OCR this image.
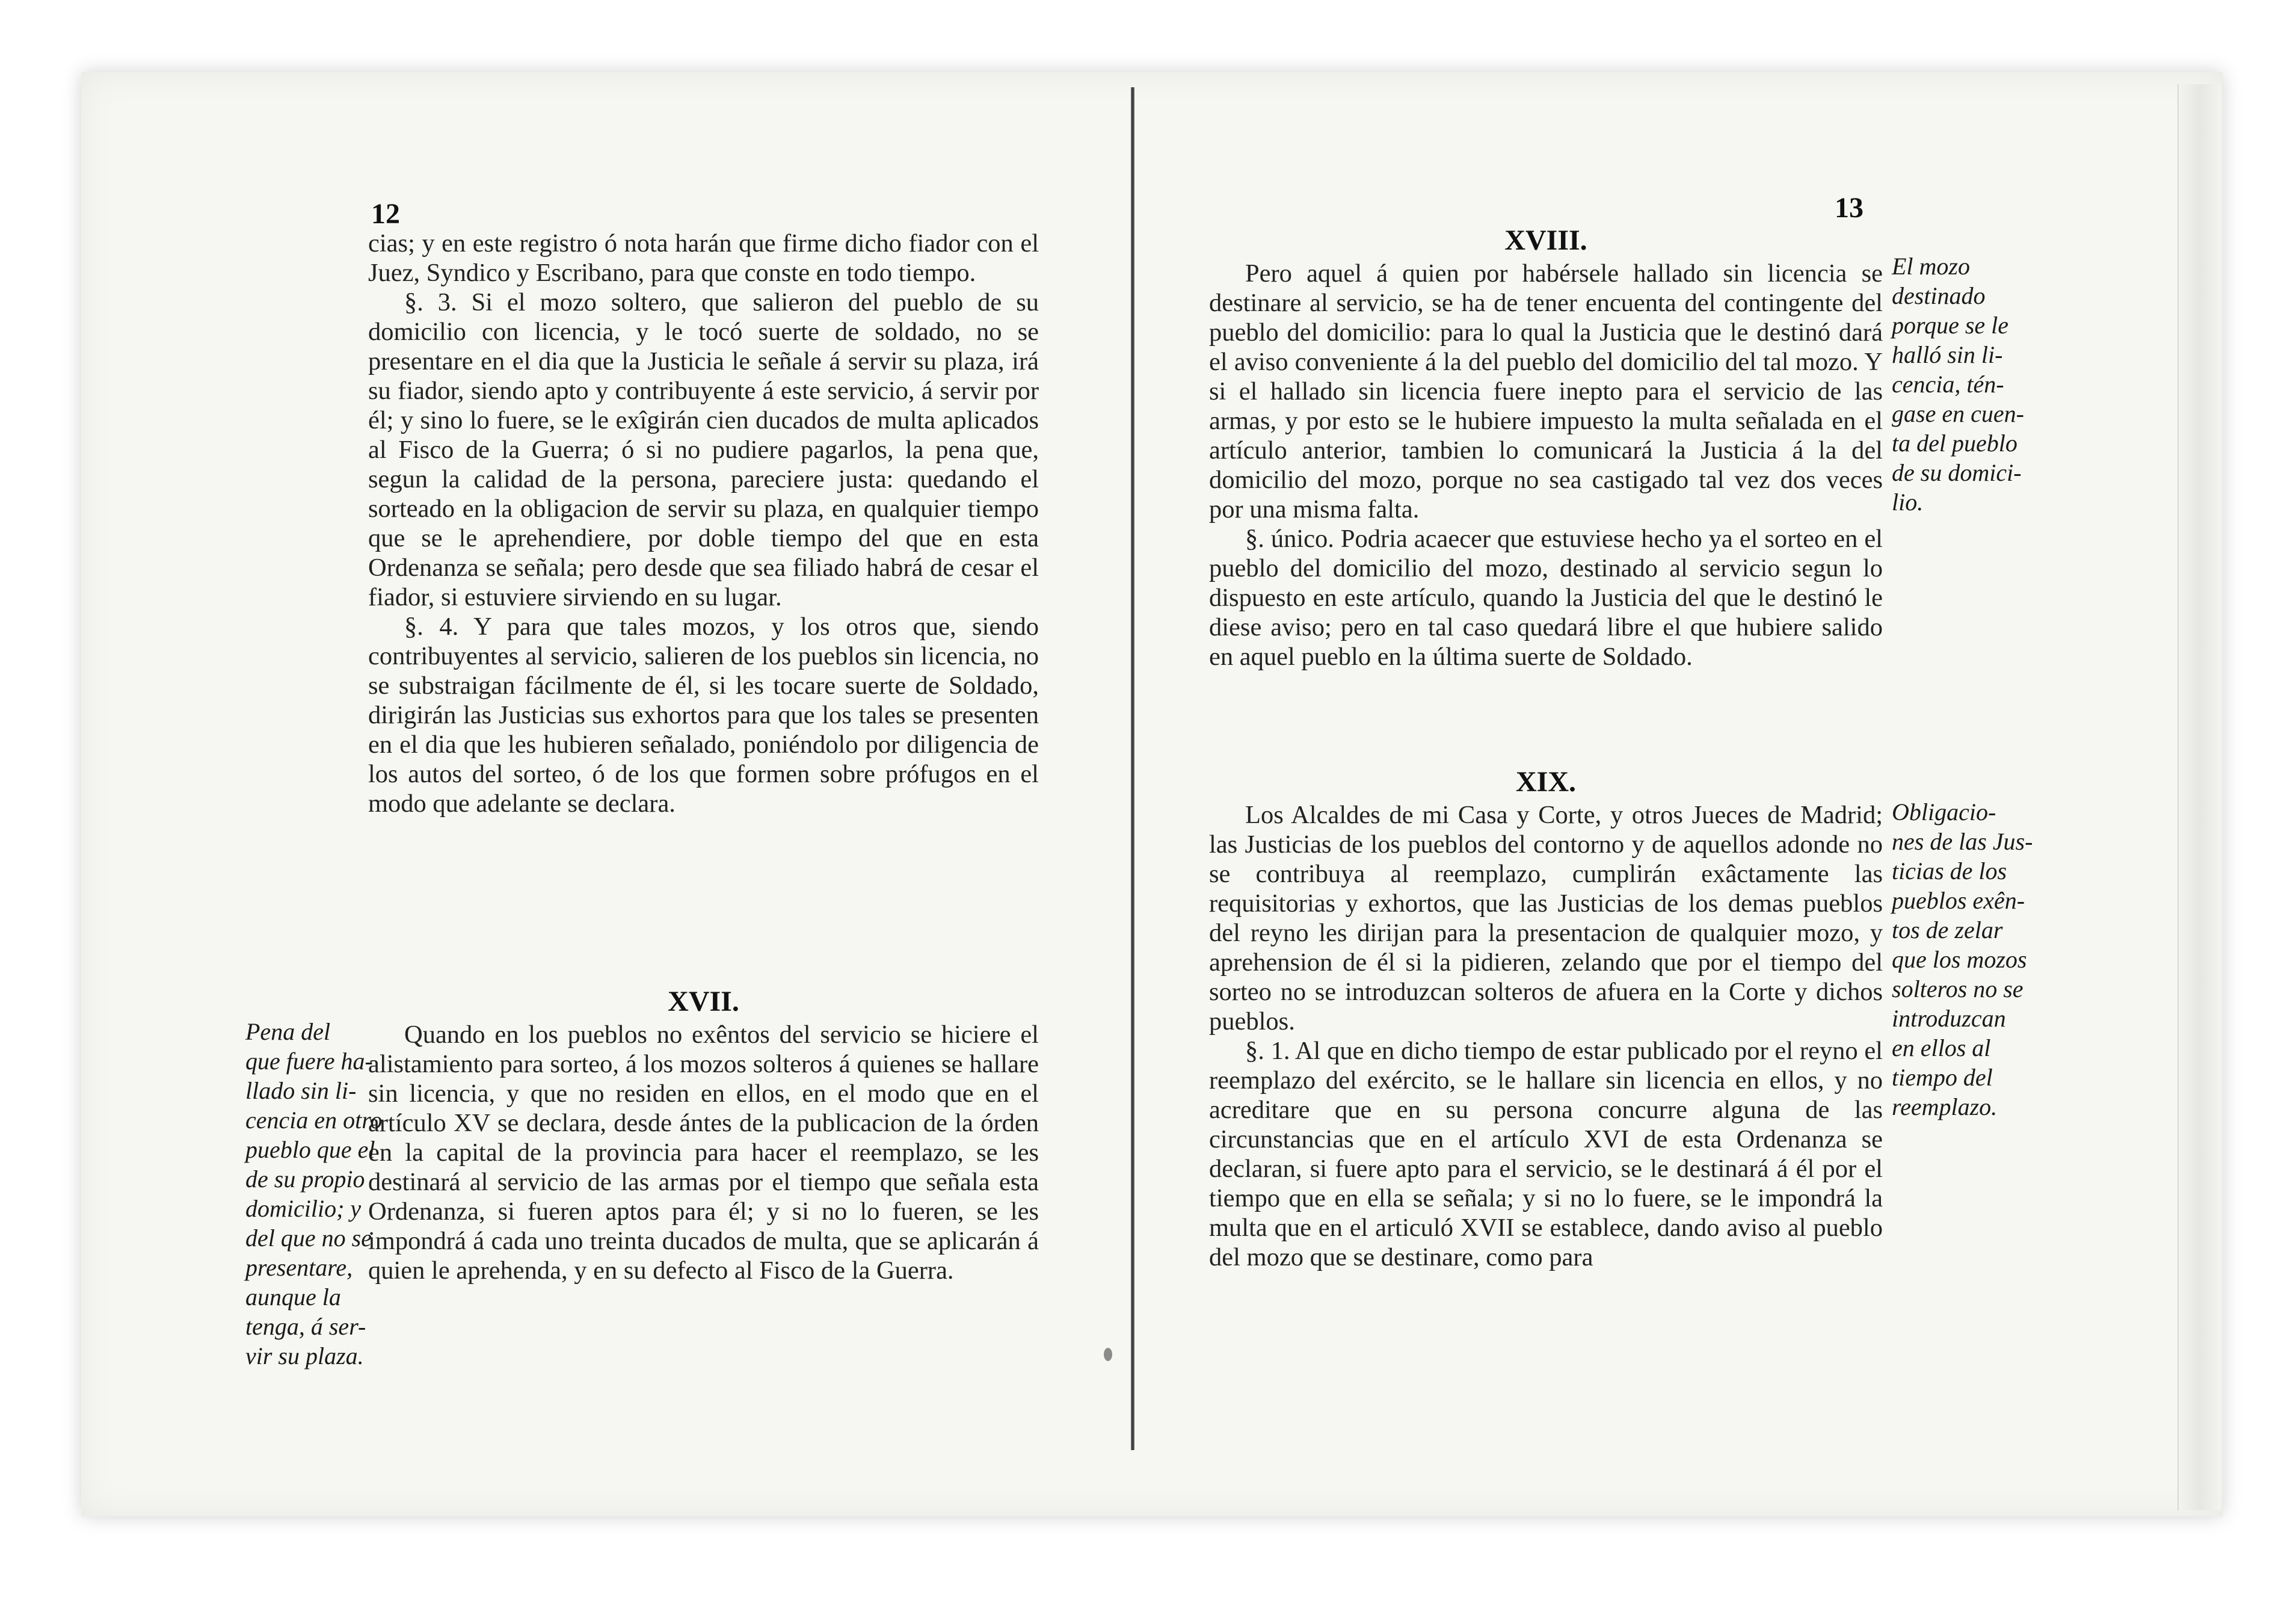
12

cias; y en este registro ó nota harán que firme dicho fiador con el Juez, Syndico y Escribano, para que conste en todo tiempo.

§. 3. Si el mozo soltero, que salieron del pueblo de su domicilio con licencia, y le tocó suerte de soldado, no se presentare en el dia que la Justicia le señale á servir su plaza, irá su fiador, siendo apto y contribuyente á este servicio, á servir por él; y sino lo fuere, se le exîgirán cien ducados de multa aplicados al Fisco de la Guerra; ó si no pudiere pagarlos, la pena que, segun la calidad de la persona, pareciere justa: quedando el sorteado en la obligacion de servir su plaza, en qualquier tiempo que se le aprehendiere, por doble tiempo del que en esta Ordenanza se señala; pero desde que sea filiado habrá de cesar el fiador, si estuviere sirviendo en su lugar.

§. 4. Y para que tales mozos, y los otros que, siendo contribuyentes al servicio, salieren de los pueblos sin licencia, no se substraigan fácilmente de él, si les tocare suerte de Soldado, dirigirán las Justicias sus exhortos para que los tales se presenten en el dia que les hubieren señalado, poniéndolo por diligencia de los autos del sorteo, ó de los que formen sobre prófugos en el modo que adelante se declara.

XVII.

Quando en los pueblos no exêntos del servicio se hiciere el alistamiento para sorteo, á los mozos solteros á quienes se hallare sin licencia, y que no residen en ellos, en el modo que en el artículo XV se declara, desde ántes de la publicacion de la órden en la capital de la provincia para hacer el reemplazo, se les destinará al servicio de las armas por el tiempo que señala esta Ordenanza, si fueren aptos para él; y si no lo fueren, se les impondrá á cada uno treinta ducados de multa, que se aplicarán á quien le aprehenda, y en su defecto al Fisco de la Guerra.

Pena del
que fuere ha-
llado sin li-
cencia en otro
pueblo que el
de su propio
domicilio; y
del que no se
presentare,
aunque la
tenga, á ser-
vir su plaza.
13
XVIII.

Pero aquel á quien por habérsele hallado sin licencia se destinare al servicio, se ha de tener encuenta del contingente del pueblo del domicilio: para lo qual la Justicia que le destinó dará el aviso conveniente á la del pueblo del domicilio del tal mozo. Y si el hallado sin licencia fuere inepto para el servicio de las armas, y por esto se le hubiere impuesto la multa señalada en el artículo anterior, tambien lo comunicará la Justicia á la del domicilio del mozo, porque no sea castigado tal vez dos veces por una misma falta.

§. único. Podria acaecer que estuviese hecho ya el sorteo en el pueblo del domicilio del mozo, destinado al servicio segun lo dispuesto en este artículo, quando la Justicia del que le destinó le diese aviso; pero en tal caso quedará libre el que hubiere salido en aquel pueblo en la última suerte de Soldado.

El mozo
destinado
porque se le
halló sin li-
cencia, tén-
gase en cuen-
ta del pueblo
de su domici-
lio.
XIX.

Los Alcaldes de mi Casa y Corte, y otros Jueces de Madrid; las Justicias de los pueblos del contorno y de aquellos adonde no se contribuya al reemplazo, cumplirán exâctamente las requisitorias y exhortos, que las Justicias de los demas pueblos del reyno les dirijan para la presentacion de qualquier mozo, y aprehension de él si la pidieren, zelando que por el tiempo del sorteo no se introduzcan solteros de afuera en la Corte y dichos pueblos.

§. 1. Al que en dicho tiempo de estar publicado por el reyno el reemplazo del exército, se le hallare sin licencia en ellos, y no acreditare que en su persona concurre alguna de las circunstancias que en el artículo XVI de esta Ordenanza se declaran, si fuere apto para el servicio, se le destinará á él por el tiempo que en ella se señala; y si no lo fuere, se le impondrá la multa que en el articuló XVII se establece, dando aviso al pueblo del mozo que se destinare, como para

Obligacio-
nes de las Jus-
ticias de los
pueblos exên-
tos de zelar
que los mozos
solteros no se
introduzcan
en ellos al
tiempo del
reemplazo.
